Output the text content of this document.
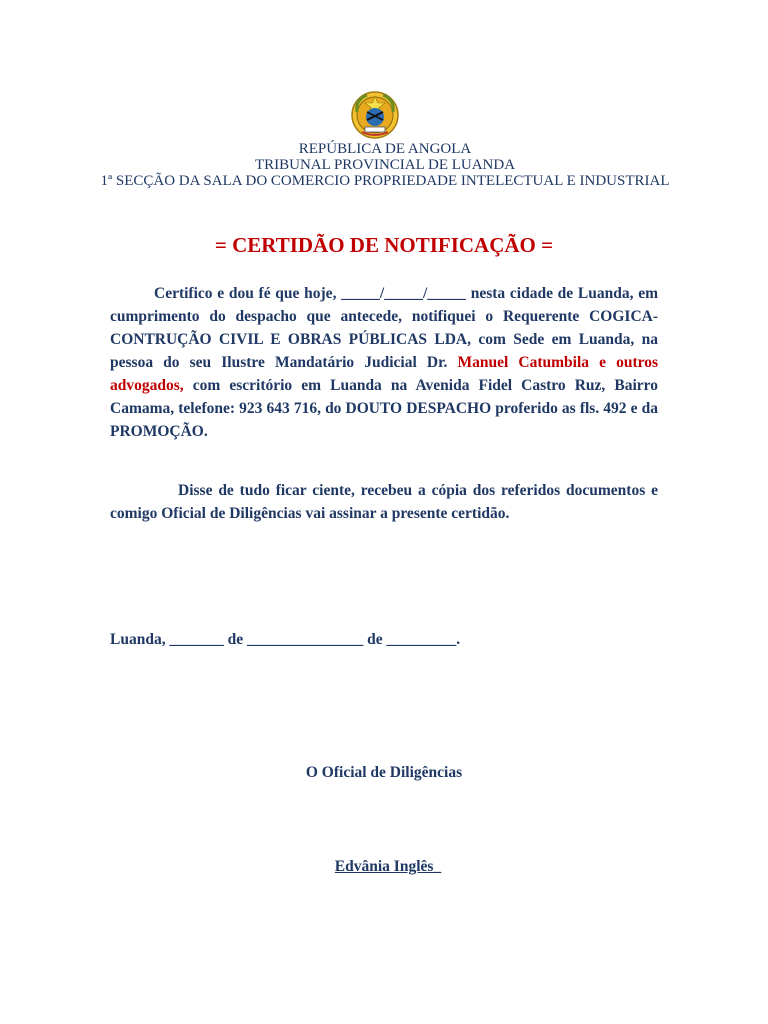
REPÚBLICA DE ANGOLA
TRIBUNAL PROVINCIAL DE LUANDA
1ª SECÇÃO DA SALA DO COMERCIO PROPRIEDADE INTELECTUAL E INDUSTRIAL
= CERTIDÃO DE NOTIFICAÇÃO =
Certifico e dou fé que hoje, _____/_____/_____ nesta cidade de Luanda, em cumprimento do despacho que antecede, notifiquei o Requerente COGICA-CONTRUÇÃO CIVIL E OBRAS PÚBLICAS LDA, com Sede em Luanda, na pessoa do seu Ilustre Mandatário Judicial Dr. Manuel Catumbila e outros advogados, com escritório em Luanda na Avenida Fidel Castro Ruz, Bairro Camama, telefone: 923 643 716, do DOUTO DESPACHO proferido as fls. 492 e da PROMOÇÃO.
Disse de tudo ficar ciente, recebeu a cópia dos referidos documentos e comigo Oficial de Diligências vai assinar a presente certidão.
Luanda, _______ de _______________ de _________.
O Oficial de Diligências
Edvânia Inglês_
